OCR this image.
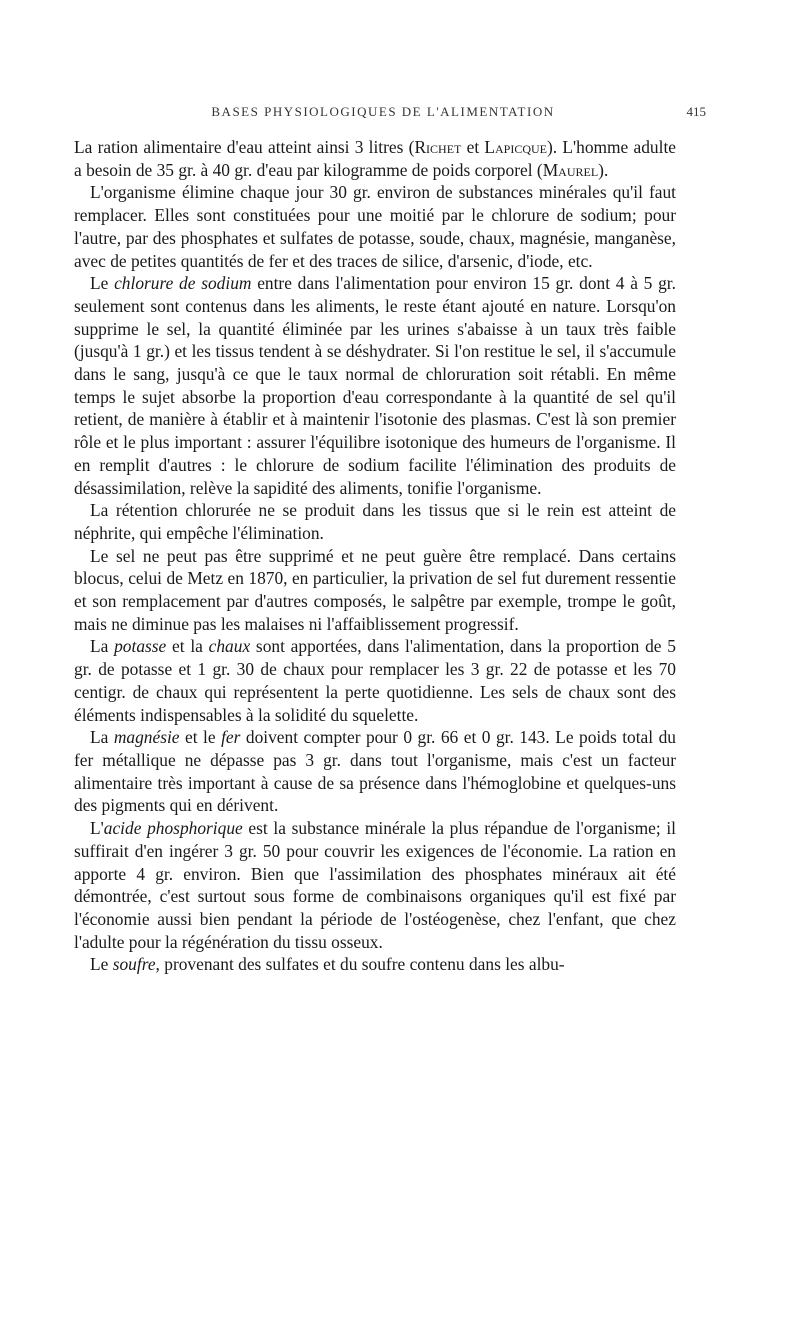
BASES PHYSIOLOGIQUES DE L'ALIMENTATION	415

La ration alimentaire d'eau atteint ainsi 3 litres (Richet et Lapicque). L'homme adulte a besoin de 35 gr. à 40 gr. d'eau par kilogramme de poids corporel (Maurel).

L'organisme élimine chaque jour 30 gr. environ de substances minérales qu'il faut remplacer. Elles sont constituées pour une moitié par le chlorure de sodium; pour l'autre, par des phosphates et sulfates de potasse, soude, chaux, magnésie, manganèse, avec de petites quantités de fer et des traces de silice, d'arsenic, d'iode, etc.

Le chlorure de sodium entre dans l'alimentation pour environ 15 gr. dont 4 à 5 gr. seulement sont contenus dans les aliments, le reste étant ajouté en nature. Lorsqu'on supprime le sel, la quantité éliminée par les urines s'abaisse à un taux très faible (jusqu'à 1 gr.) et les tissus tendent à se déshydrater. Si l'on restitue le sel, il s'accumule dans le sang, jusqu'à ce que le taux normal de chloruration soit rétabli. En même temps le sujet absorbe la proportion d'eau correspondante à la quantité de sel qu'il retient, de manière à établir et à maintenir l'isotonie des plasmas. C'est là son premier rôle et le plus important : assurer l'équilibre isotonique des humeurs de l'organisme. Il en remplit d'autres : le chlorure de sodium facilite l'élimination des produits de désassimilation, relève la sapidité des aliments, tonifie l'organisme.

La rétention chlorurée ne se produit dans les tissus que si le rein est atteint de néphrite, qui empêche l'élimination.

Le sel ne peut pas être supprimé et ne peut guère être remplacé. Dans certains blocus, celui de Metz en 1870, en particulier, la privation de sel fut durement ressentie et son remplacement par d'autres composés, le salpêtre par exemple, trompe le goût, mais ne diminue pas les malaises ni l'affaiblissement progressif.

La potasse et la chaux sont apportées, dans l'alimentation, dans la proportion de 5 gr. de potasse et 1 gr. 30 de chaux pour remplacer les 3 gr. 22 de potasse et les 70 centigr. de chaux qui représentent la perte quotidienne. Les sels de chaux sont des éléments indispensables à la solidité du squelette.

La magnésie et le fer doivent compter pour 0 gr. 66 et 0 gr. 143. Le poids total du fer métallique ne dépasse pas 3 gr. dans tout l'organisme, mais c'est un facteur alimentaire très important à cause de sa présence dans l'hémoglobine et quelques-uns des pigments qui en dérivent.

L'acide phosphorique est la substance minérale la plus répandue de l'organisme; il suffirait d'en ingérer 3 gr. 50 pour couvrir les exigences de l'économie. La ration en apporte 4 gr. environ. Bien que l'assimilation des phosphates minéraux ait été démontrée, c'est surtout sous forme de combinaisons organiques qu'il est fixé par l'économie aussi bien pendant la période de l'ostéogenèse, chez l'enfant, que chez l'adulte pour la régénération du tissu osseux.

Le soufre, provenant des sulfates et du soufre contenu dans les albu-
